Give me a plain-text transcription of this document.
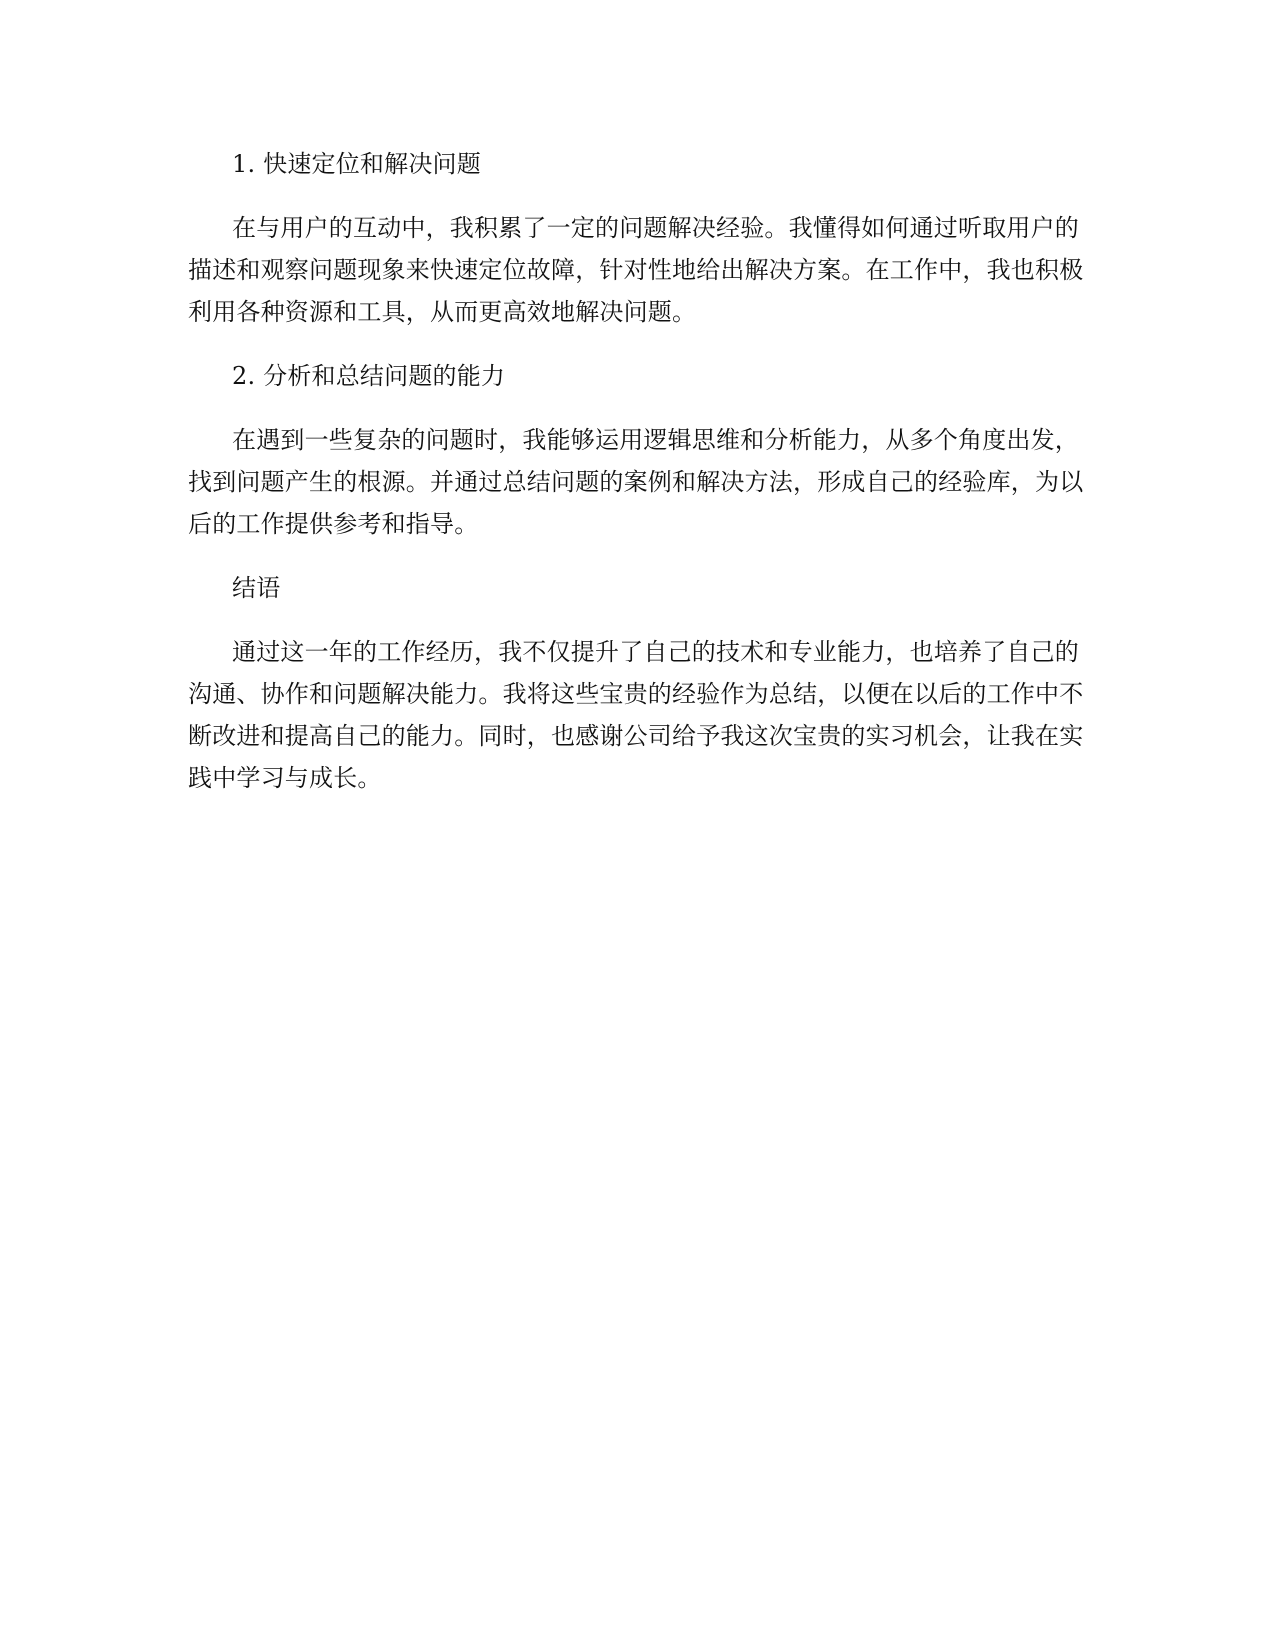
1. 快速定位和解决问题

在与用户的互动中，我积累了一定的问题解决经验。我懂得如何通过听取用户的描述和观察问题现象来快速定位故障，针对性地给出解决方案。在工作中，我也积极利用各种资源和工具，从而更高效地解决问题。

2. 分析和总结问题的能力

在遇到一些复杂的问题时，我能够运用逻辑思维和分析能力，从多个角度出发，找到问题产生的根源。并通过总结问题的案例和解决方法，形成自己的经验库，为以后的工作提供参考和指导。

结语

通过这一年的工作经历，我不仅提升了自己的技术和专业能力，也培养了自己的沟通、协作和问题解决能力。我将这些宝贵的经验作为总结，以便在以后的工作中不断改进和提高自己的能力。同时，也感谢公司给予我这次宝贵的实习机会，让我在实践中学习与成长。
